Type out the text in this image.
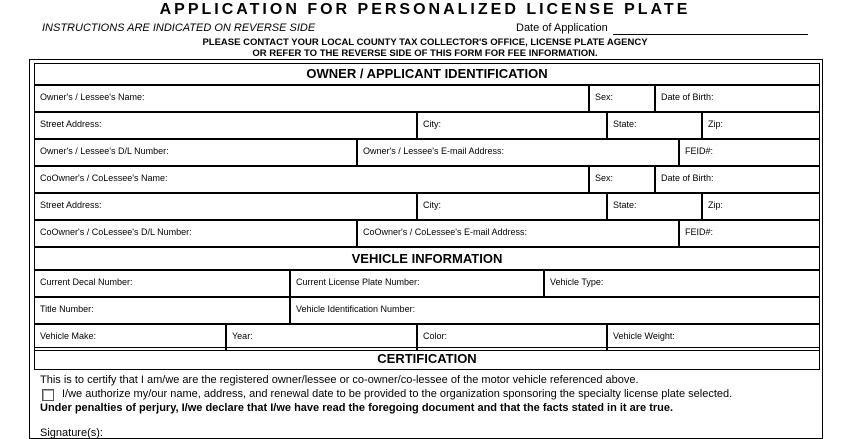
APPLICATION FOR PERSONALIZED LICENSE PLATE
INSTRUCTIONS ARE INDICATED ON REVERSE SIDE	Date of Application
PLEASE CONTACT YOUR LOCAL COUNTY TAX COLLECTOR'S OFFICE, LICENSE PLATE AGENCY
OR REFER TO THE REVERSE SIDE OF THIS FORM FOR FEE INFORMATION.
OWNER / APPLICANT IDENTIFICATION
Owner's / Lessee's Name:	Sex:	Date of Birth:
Street Address:	City:	State:	Zip:
Owner's / Lessee's D/L Number:	Owner's / Lessee's E-mail Address:	FEID#:
CoOwner's / CoLessee's Name:	Sex:	Date of Birth:
Street Address:	City:	State:	Zip:
CoOwner's / CoLessee's D/L Number:	CoOwner's / CoLessee's E-mail Address:	FEID#:
VEHICLE INFORMATION
Current Decal Number:	Current License Plate Number:	Vehicle Type:
Title Number:	Vehicle Identification Number:
Vehicle Make:	Year:	Color:	Vehicle Weight:
CERTIFICATION
This is to certify that I am/we are the registered owner/lessee or co-owner/co-lessee of the motor vehicle referenced above.
I/we authorize my/our name, address, and renewal date to be provided to the organization sponsoring the specialty license plate selected.
Under penalties of perjury, I/we declare that I/we have read the foregoing document and that the facts stated in it are true.
Signature(s):
